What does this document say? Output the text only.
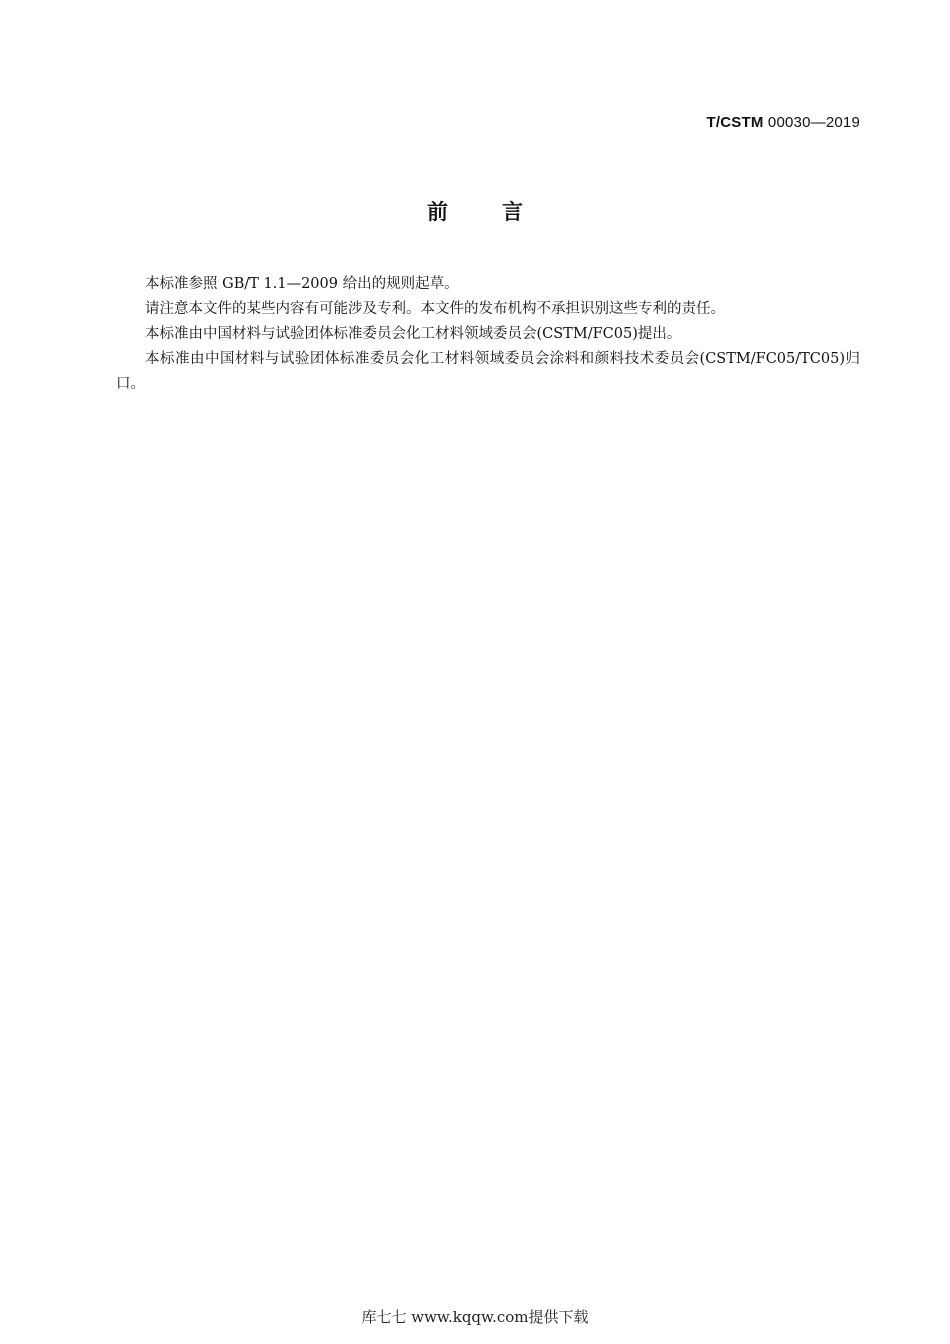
T/CSTM 00030—2019
前	言

本标准参照 GB/T 1.1—2009 给出的规则起草。

请注意本文件的某些内容有可能涉及专利。本文件的发布机构不承担识别这些专利的责任。

本标准由中国材料与试验团体标准委员会化工材料领域委员会(CSTM/FC05)提出。

本标准由中国材料与试验团体标准委员会化工材料领域委员会涂料和颜料技术委员会(CSTM/FC05/TC05)归口。

库七七 www.kqqw.com提供下载
